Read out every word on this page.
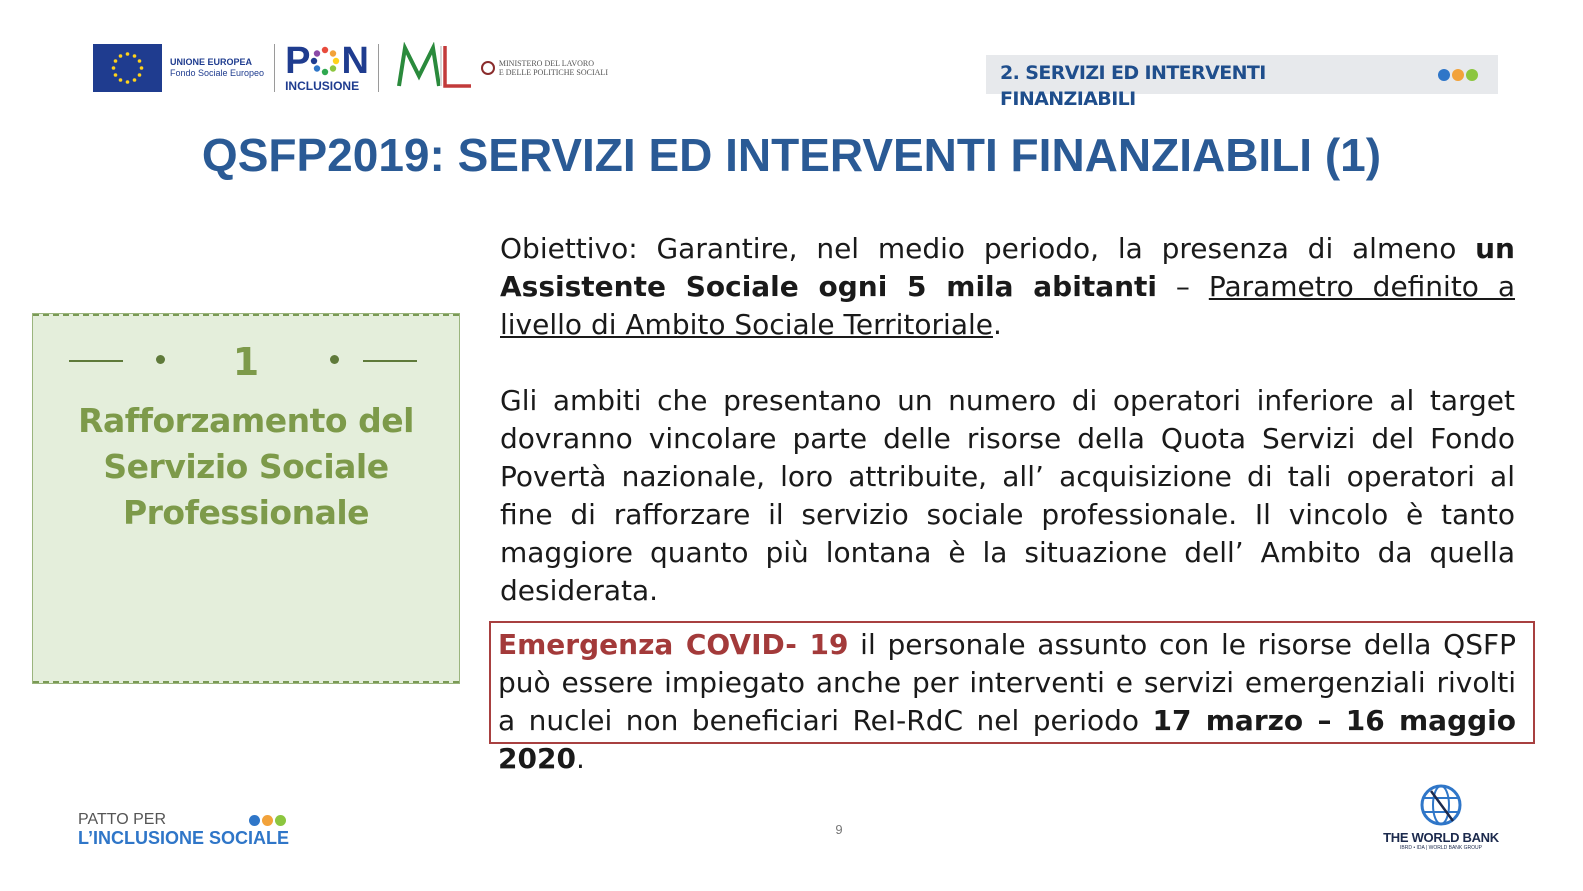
UNIONE EUROPEA
Fondo Sociale Europeo P N
INCLUSIONE
MINISTERO DEL LAVORO
E DELLE POLITICHE SOCIALI	2. SERVIZI ED INTERVENTI FINANZIABILI
QSFP2019: SERVIZI ED INTERVENTI FINANZIABILI (1)
1
Rafforzamento del
Servizio Sociale
Professionale

Obiettivo: Garantire, nel medio periodo, la presenza di almeno un Assistente Sociale ogni 5 mila abitanti – Parametro definito a livello di Ambito Sociale Territoriale.

Gli ambiti che presentano un numero di operatori inferiore al target dovranno vincolare parte delle risorse della Quota Servizi del Fondo Povertà nazionale, loro attribuite, all’ acquisizione di tali operatori al fine di rafforzare il servizio sociale professionale. Il vincolo è tanto maggiore quanto più lontana è la situazione dell’ Ambito da quella desiderata.

Emergenza COVID- 19 il personale assunto con le risorse della QSFP può essere impiegato anche per interventi e servizi emergenziali rivolti a nuclei non beneficiari ReI-RdC nel periodo 17 marzo – 16 maggio 2020.

PATTO PER
L’INCLUSIONE SOCIALE	9
THE WORLD BANK
IBRD • IDA | WORLD BANK GROUP
